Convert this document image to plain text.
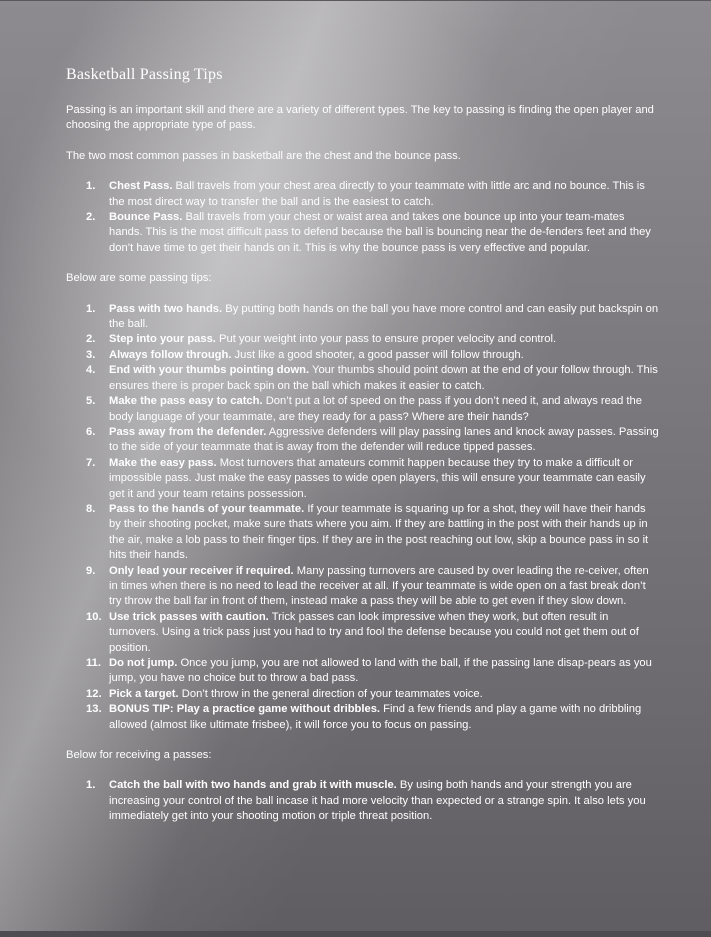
Basketball Passing Tips

Passing is an important skill and there are a variety of different types. The key to passing is finding the open player and choosing the appropriate type of pass.

The two most common passes in basketball are the chest and the bounce pass.

1. Chest Pass. Ball travels from your chest area directly to your teammate with little arc and no bounce. This is the most direct way to transfer the ball and is the easiest to catch.
2. Bounce Pass. Ball travels from your chest or waist area and takes one bounce up into your team-mates hands. This is the most difficult pass to defend because the ball is bouncing near the de-fenders feet and they don’t have time to get their hands on it. This is why the bounce pass is very effective and popular.

Below are some passing tips:

1. Pass with two hands. By putting both hands on the ball you have more control and can easily put backspin on the ball.
2. Step into your pass. Put your weight into your pass to ensure proper velocity and control.
3. Always follow through. Just like a good shooter, a good passer will follow through.
4. End with your thumbs pointing down. Your thumbs should point down at the end of your follow through. This ensures there is proper back spin on the ball which makes it easier to catch.
5. Make the pass easy to catch. Don’t put a lot of speed on the pass if you don’t need it, and always read the body language of your teammate, are they ready for a pass? Where are their hands?
6. Pass away from the defender. Aggressive defenders will play passing lanes and knock away passes. Passing to the side of your teammate that is away from the defender will reduce tipped passes.
7. Make the easy pass. Most turnovers that amateurs commit happen because they try to make a difficult or impossible pass. Just make the easy passes to wide open players, this will ensure your teammate can easily get it and your team retains possession.
8. Pass to the hands of your teammate. If your teammate is squaring up for a shot, they will have their hands by their shooting pocket, make sure thats where you aim. If they are battling in the post with their hands up in the air, make a lob pass to their finger tips. If they are in the post reaching out low, skip a bounce pass in so it hits their hands.
9. Only lead your receiver if required. Many passing turnovers are caused by over leading the re-ceiver, often in times when there is no need to lead the receiver at all. If your teammate is wide open on a fast break don’t try throw the ball far in front of them, instead make a pass they will be able to get even if they slow down.
10. Use trick passes with caution. Trick passes can look impressive when they work, but often result in turnovers. Using a trick pass just you had to try and fool the defense because you could not get them out of position.
11. Do not jump. Once you jump, you are not allowed to land with the ball, if the passing lane disap-pears as you jump, you have no choice but to throw a bad pass.
12. Pick a target. Don’t throw in the general direction of your teammates voice.
13. BONUS TIP: Play a practice game without dribbles. Find a few friends and play a game with no dribbling allowed (almost like ultimate frisbee), it will force you to focus on passing.

Below for receiving a passes:

1. Catch the ball with two hands and grab it with muscle. By using both hands and your strength you are increasing your control of the ball incase it had more velocity than expected or a strange spin. It also lets you immediately get into your shooting motion or triple threat position.
